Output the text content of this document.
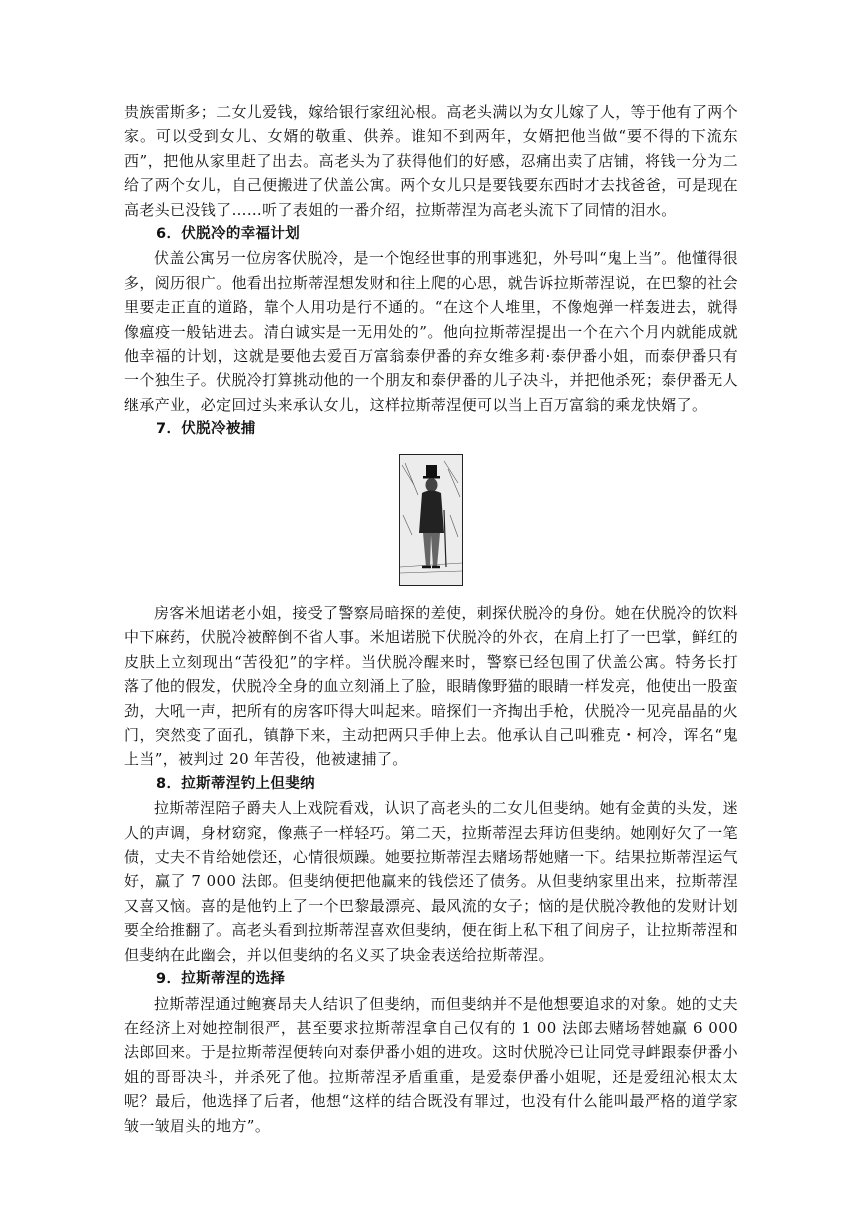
贵族雷斯多；二女儿爱钱，嫁给银行家纽沁根。高老头满以为女儿嫁了人，等于他有了两个家。可以受到女儿、女婿的敬重、供养。谁知不到两年，女婿把他当做“要不得的下流东西”，把他从家里赶了出去。高老头为了获得他们的好感，忍痛出卖了店铺，将钱一分为二给了两个女儿，自己便搬进了伏盖公寓。两个女儿只是要钱要东西时才去找爸爸，可是现在高老头已没钱了……听了表姐的一番介绍，拉斯蒂涅为高老头流下了同情的泪水。

6．伏脱冷的幸福计划

伏盖公寓另一位房客伏脱冷，是一个饱经世事的刑事逃犯，外号叫“鬼上当”。他懂得很多，阅历很广。他看出拉斯蒂涅想发财和往上爬的心思，就告诉拉斯蒂涅说，在巴黎的社会里要走正直的道路，靠个人用功是行不通的。“在这个人堆里，不像炮弹一样轰进去，就得像瘟疫一般钻进去。清白诚实是一无用处的”。他向拉斯蒂涅提出一个在六个月内就能成就他幸福的计划，这就是要他去爱百万富翁泰伊番的弃女维多莉·泰伊番小姐，而泰伊番只有一个独生子。伏脱冷打算挑动他的一个朋友和泰伊番的儿子决斗，并把他杀死；泰伊番无人继承产业，必定回过头来承认女儿，这样拉斯蒂涅便可以当上百万富翁的乘龙快婿了。

7．伏脱冷被捕

房客米旭诺老小姐，接受了警察局暗探的差使，刺探伏脱冷的身份。她在伏脱冷的饮料中下麻药，伏脱冷被醉倒不省人事。米旭诺脱下伏脱冷的外衣，在肩上打了一巴掌，鲜红的皮肤上立刻现出“苦役犯”的字样。当伏脱冷醒来时，警察已经包围了伏盖公寓。特务长打落了他的假发，伏脱冷全身的血立刻涌上了脸，眼睛像野猫的眼睛一样发亮，他使出一股蛮劲，大吼一声，把所有的房客吓得大叫起来。暗探们一齐掏出手枪，伏脱冷一见亮晶晶的火门，突然变了面孔，镇静下来，主动把两只手伸上去。他承认自己叫雅克・柯冷，诨名“鬼上当”，被判过 20 年苦役，他被逮捕了。

8．拉斯蒂涅钓上但斐纳

拉斯蒂涅陪子爵夫人上戏院看戏，认识了高老头的二女儿但斐纳。她有金黄的头发，迷人的声调，身材窈窕，像燕子一样轻巧。第二天，拉斯蒂涅去拜访但斐纳。她刚好欠了一笔债，丈夫不肯给她偿还，心情很烦躁。她要拉斯蒂涅去赌场帮她赌一下。结果拉斯蒂涅运气好，赢了 7 000 法郎。但斐纳便把他赢来的钱偿还了债务。从但斐纳家里出来，拉斯蒂涅又喜又恼。喜的是他钓上了一个巴黎最漂亮、最风流的女子；恼的是伏脱冷教他的发财计划要全给推翻了。高老头看到拉斯蒂涅喜欢但斐纳，便在街上私下租了间房子，让拉斯蒂涅和但斐纳在此幽会，并以但斐纳的名义买了块金表送给拉斯蒂涅。

9．拉斯蒂涅的选择

拉斯蒂涅通过鲍赛昂夫人结识了但斐纳，而但斐纳并不是他想要追求的对象。她的丈夫在经济上对她控制很严，甚至要求拉斯蒂涅拿自己仅有的 1 00 法郎去赌场替她赢 6 000 法郎回来。于是拉斯蒂涅便转向对泰伊番小姐的进攻。这时伏脱冷已让同党寻衅跟泰伊番小姐的哥哥决斗，并杀死了他。拉斯蒂涅矛盾重重，是爱泰伊番小姐呢，还是爱纽沁根太太呢？最后，他选择了后者，他想“这样的结合既没有罪过，也没有什么能叫最严格的道学家皱一皱眉头的地方”。
